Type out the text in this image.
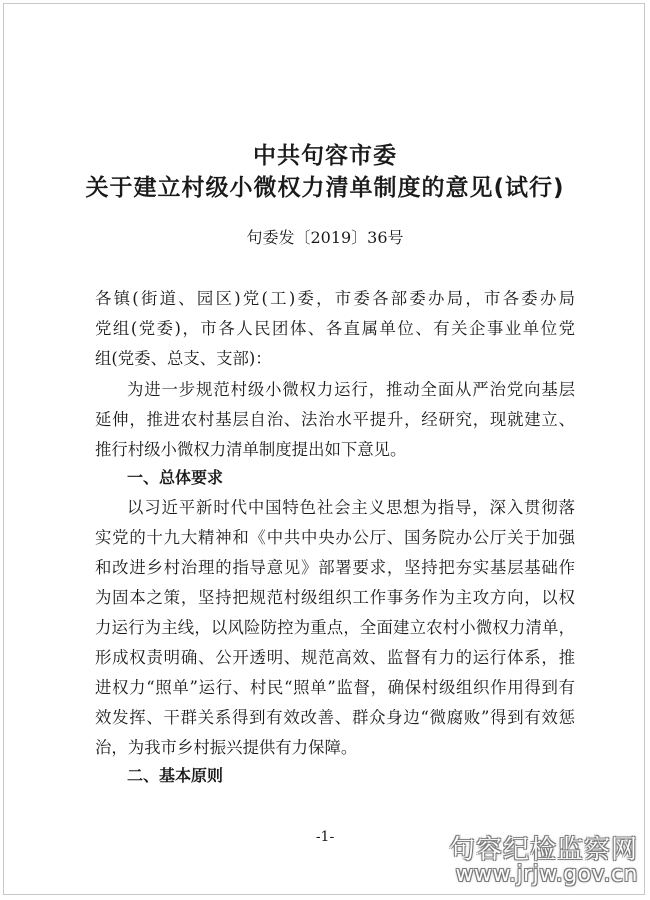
中共句容市委
关于建立村级小微权力清单制度的意见(试行)
句委发〔2019〕36号
各镇(街道、园区)党(工)委，市委各部委办局，市各委办局
党组(党委)，市各人民团体、各直属单位、有关企事业单位党
组(党委、总支、支部)：
为进一步规范村级小微权力运行，推动全面从严治党向基层
延伸，推进农村基层自治、法治水平提升，经研究，现就建立、
推行村级小微权力清单制度提出如下意见。
一、总体要求
以习近平新时代中国特色社会主义思想为指导，深入贯彻落
实党的十九大精神和《中共中央办公厅、国务院办公厅关于加强
和改进乡村治理的指导意见》部署要求，坚持把夯实基层基础作
为固本之策，坚持把规范村级组织工作事务作为主攻方向，以权
力运行为主线，以风险防控为重点，全面建立农村小微权力清单，
形成权责明确、公开透明、规范高效、监督有力的运行体系，推
进权力“照单”运行、村民“照单”监督，确保村级组织作用得到有
效发挥、干群关系得到有效改善、群众身边“微腐败”得到有效惩
治，为我市乡村振兴提供有力保障。
二、基本原则
-1-	句容纪检监察网
www.jrjw.gov.cn
